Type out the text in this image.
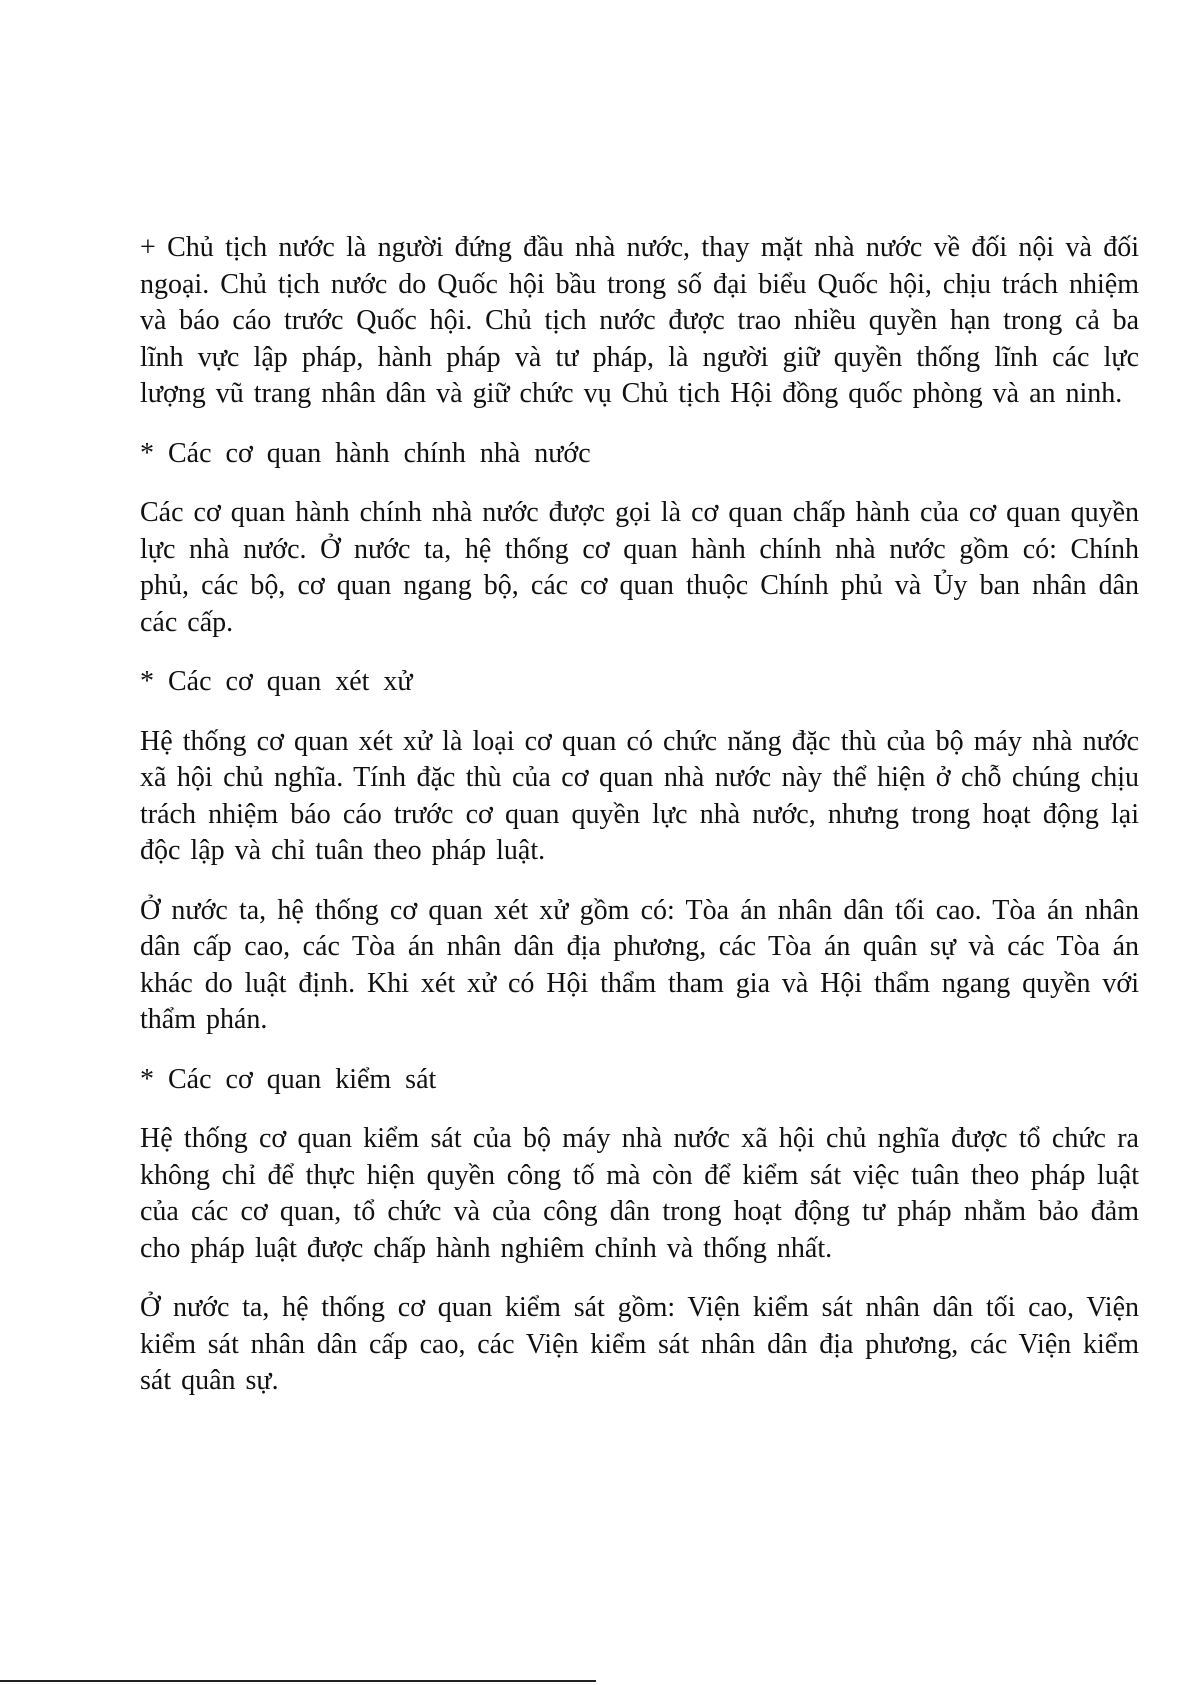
+ Chủ tịch nước là người đứng đầu nhà nước, thay mặt nhà nước về đối nội và đối ngoại. Chủ tịch nước do Quốc hội bầu trong số đại biểu Quốc hội, chịu trách nhiệm và báo cáo trước Quốc hội. Chủ tịch nước được trao nhiều quyền hạn trong cả ba lĩnh vực lập pháp, hành pháp và tư pháp, là người giữ quyền thống lĩnh các lực lượng vũ trang nhân dân và giữ chức vụ Chủ tịch Hội đồng quốc phòng và an ninh.

* Các cơ quan hành chính nhà nước

Các cơ quan hành chính nhà nước được gọi là cơ quan chấp hành của cơ quan quyền lực nhà nước. Ở nước ta, hệ thống cơ quan hành chính nhà nước gồm có: Chính phủ, các bộ, cơ quan ngang bộ, các cơ quan thuộc Chính phủ và Ủy ban nhân dân các cấp.

* Các cơ quan xét xử

Hệ thống cơ quan xét xử là loại cơ quan có chức năng đặc thù của bộ máy nhà nước xã hội chủ nghĩa. Tính đặc thù của cơ quan nhà nước này thể hiện ở chỗ chúng chịu trách nhiệm báo cáo trước cơ quan quyền lực nhà nước, nhưng trong hoạt động lại độc lập và chỉ tuân theo pháp luật.

Ở nước ta, hệ thống cơ quan xét xử gồm có: Tòa án nhân dân tối cao. Tòa án nhân dân cấp cao, các Tòa án nhân dân địa phương, các Tòa án quân sự và các Tòa án khác do luật định. Khi xét xử có Hội thẩm tham gia và Hội thẩm ngang quyền với thẩm phán.

* Các cơ quan kiểm sát

Hệ thống cơ quan kiểm sát của bộ máy nhà nước xã hội chủ nghĩa được tổ chức ra không chỉ để thực hiện quyền công tố mà còn để kiểm sát việc tuân theo pháp luật của các cơ quan, tổ chức và của công dân trong hoạt động tư pháp nhằm bảo đảm cho pháp luật được chấp hành nghiêm chỉnh và thống nhất.

Ở nước ta, hệ thống cơ quan kiểm sát gồm: Viện kiểm sát nhân dân tối cao, Viện kiểm sát nhân dân cấp cao, các Viện kiểm sát nhân dân địa phương, các Viện kiểm sát quân sự.
